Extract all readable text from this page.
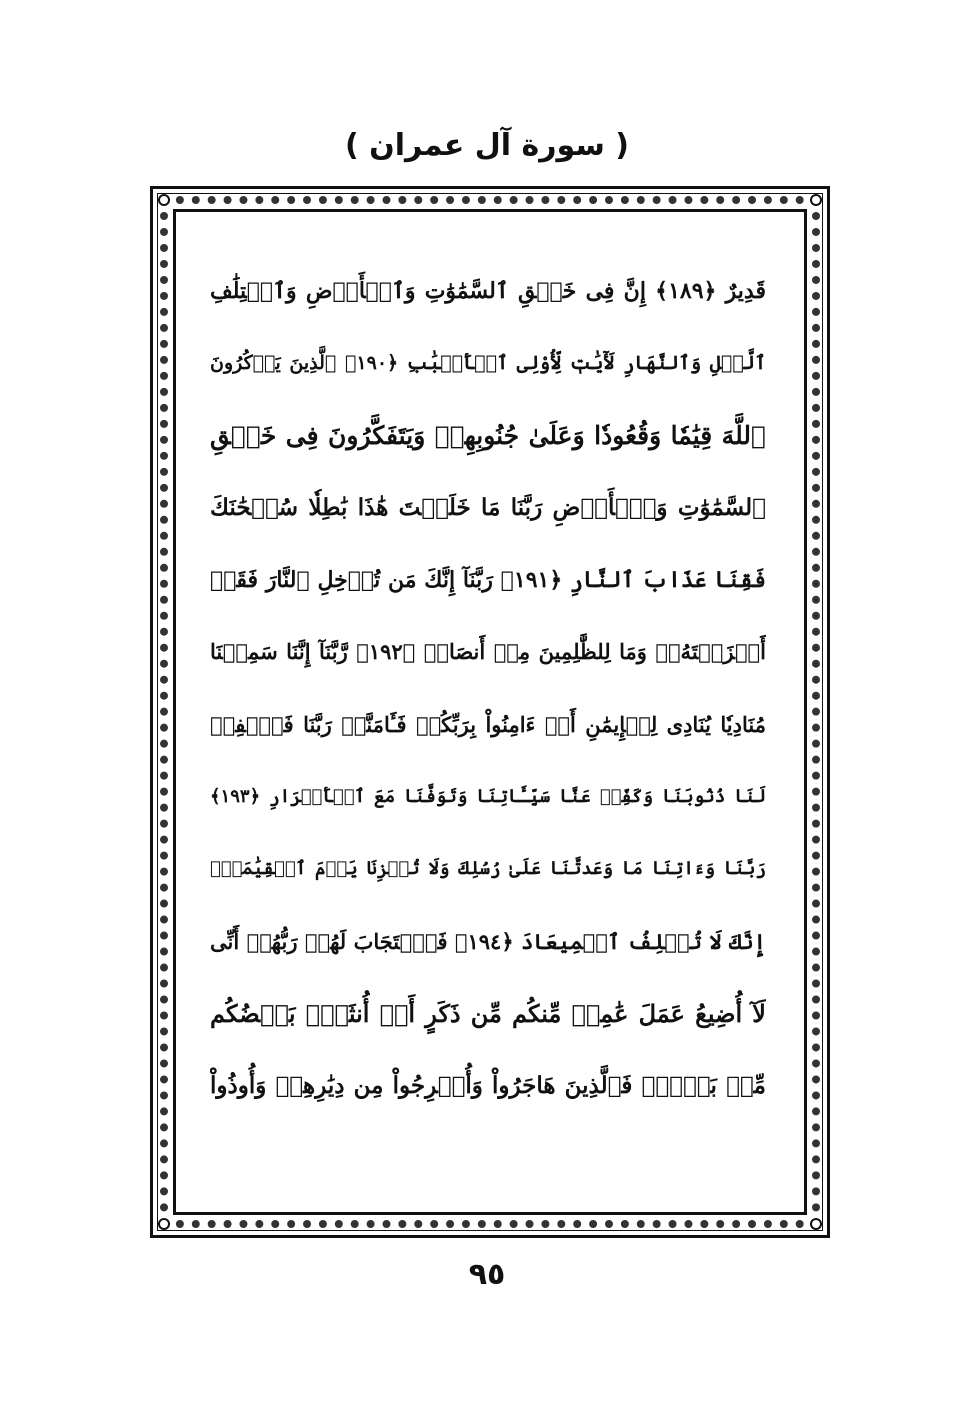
( سورة آل عمران )
قَدِيرٌ ﴿١٨٩﴾ إِنَّ فِى خَلۡقِ ٱلسَّمَٰوَٰتِ وَٱلۡأَرۡضِ وَٱخۡتِلَٰفِ
ٱلَّيۡلِ وَٱلنَّهَارِ لَأٓيَٰتٖ لِّأُوْلِى ٱلۡأَلۡبَٰبِ ﴿١٩٠﴾ ٱلَّذِينَ يَذۡكُرُونَ
ٱللَّهَ قِيَٰمٗا وَقُعُودٗا وَعَلَىٰ جُنُوبِهِمۡ وَيَتَفَكَّرُونَ فِى خَلۡقِ
ٱلسَّمَٰوَٰتِ وَٱلۡأَرۡضِ رَبَّنَا مَا خَلَقۡتَ هَٰذَا بَٰطِلٗا سُبۡحَٰنَكَ
فَقِنَا عَذَابَ ٱلنَّارِ ﴿١٩١﴾ رَبَّنَآ إِنَّكَ مَن تُدۡخِلِ ٱلنَّارَ فَقَدۡ
أَخۡزَيۡتَهُۥۖ وَمَا لِلظَّٰلِمِينَ مِنۡ أَنصَارٖ ﴿١٩٢﴾ رَّبَّنَآ إِنَّنَا سَمِعۡنَا
مُنَادِيٗا يُنَادِى لِلۡإِيمَٰنِ أَنۡ ءَامِنُواْ بِرَبِّكُمۡ فَـَٔامَنَّاۚ رَبَّنَا فَٱغۡفِرۡ
لَنَا ذُنُوبَنَا وَكَفِّرۡ عَنَّا سَيِّـَٔاتِنَا وَتَوَفَّنَا مَعَ ٱلۡأَبۡرَارِ ﴿١٩٣﴾
رَبَّنَا وَءَاتِنَا مَا وَعَدتَّنَا عَلَىٰ رُسُلِكَ وَلَا تُخۡزِنَا يَوۡمَ ٱلۡقِيَٰمَةِۖ
إِنَّكَ لَا تُخۡلِفُ ٱلۡمِيعَادَ ﴿١٩٤﴾ فَٱسۡتَجَابَ لَهُمۡ رَبُّهُمۡ أَنِّى
لَآ أُضِيعُ عَمَلَ عَٰمِلٖ مِّنكُم مِّن ذَكَرٍ أَوۡ أُنثَىٰۖ بَعۡضُكُم
مِّنۢ بَعۡضٖۖ فَٱلَّذِينَ هَاجَرُواْ وَأُخۡرِجُواْ مِن دِيَٰرِهِمۡ وَأُوذُواْ
٩٥
